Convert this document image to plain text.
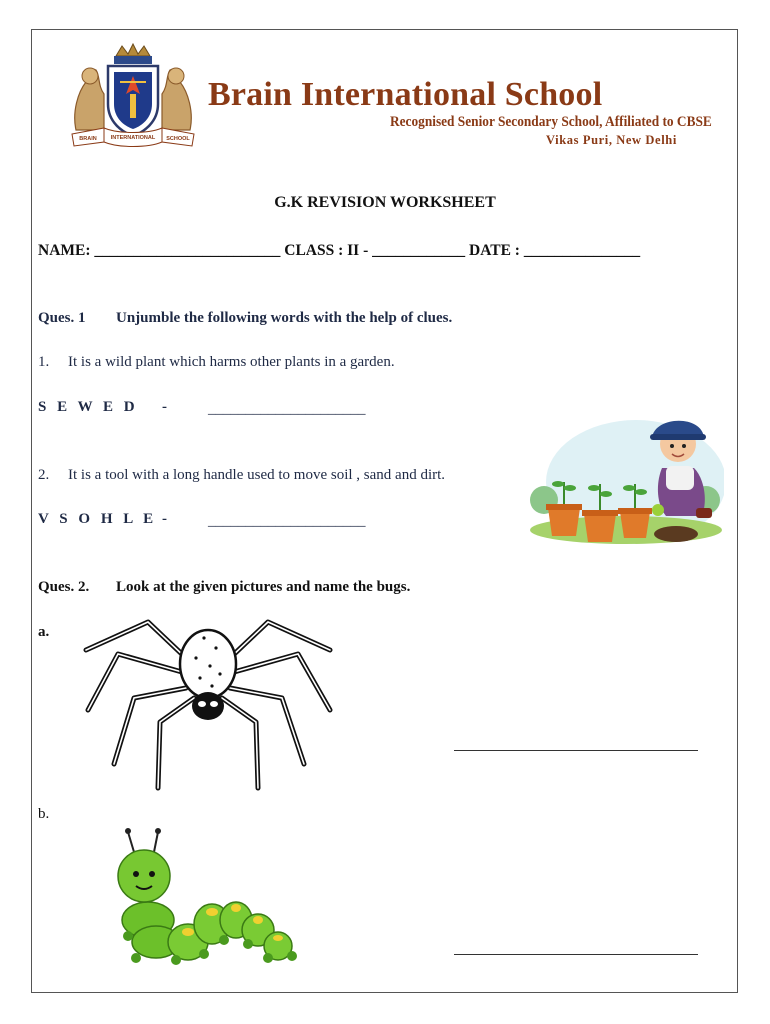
BRAIN	INTERNATIONAL SCHOOL
Brain International School
Recognised Senior Secondary School, Affiliated to CBSE
Vikas Puri, New Delhi
G.K REVISION WORKSHEET
NAME: ________________________ CLASS : II - ____________ DATE : _______________
Ques. 1 Unjumble the following words with the help of clues.
1. It is a wild plant which harms other plants in a garden.
S E W E D -	_____________________
2. It is a tool with a long handle used to move soil , sand and dirt.
V S O H L E -	_____________________
Ques. 2. Look at the given pictures and name the bugs.
a.
b.
